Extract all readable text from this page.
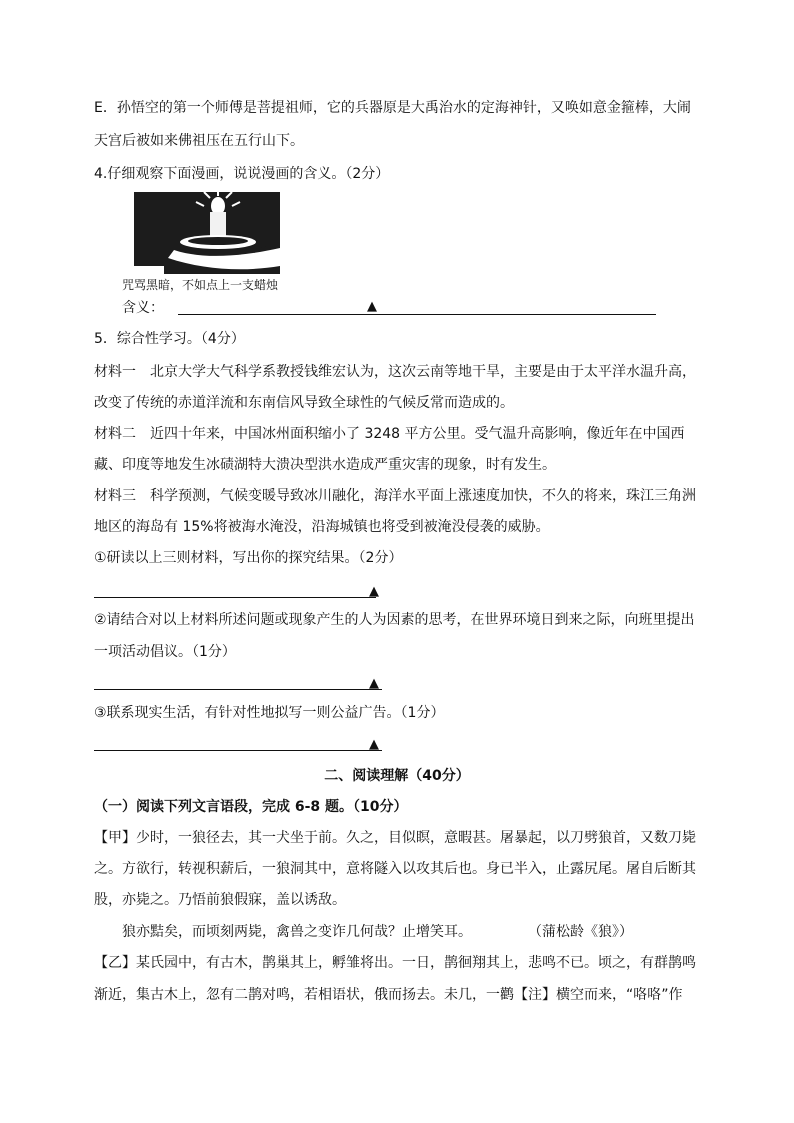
E．孙悟空的第一个师傅是菩提祖师，它的兵器原是大禹治水的定海神针，又唤如意金箍棒，大闹
天宫后被如来佛祖压在五行山下。
4.仔细观察下面漫画，说说漫画的含义。（2分）
咒骂黑暗，不如点上一支蜡烛
含义：	▲
5．综合性学习。（4分）
材料一　北京大学大气科学系教授钱维宏认为，这次云南等地干旱，主要是由于太平洋水温升高，
改变了传统的赤道洋流和东南信风导致全球性的气候反常而造成的。
材料二　近四十年来，中国冰州面积缩小了 3248 平方公里。受气温升高影响，像近年在中国西
藏、印度等地发生冰碛湖特大溃决型洪水造成严重灾害的现象，时有发生。
材料三　科学预测，气候变暖导致冰川融化，海洋水平面上涨速度加快，不久的将来，珠江三角洲
地区的海岛有 15%将被海水淹没，沿海城镇也将受到被淹没侵袭的威胁。
①研读以上三则材料，写出你的探究结果。（2分）
▲
②请结合对以上材料所述问题或现象产生的人为因素的思考，在世界环境日到来之际，向班里提出
一项活动倡议。（1分）
▲
③联系现实生活，有针对性地拟写一则公益广告。（1分）
▲
二、阅读理解（40分）
（一）阅读下列文言语段，完成 6-8 题。（10分）
【甲】少时，一狼径去，其一犬坐于前。久之，目似瞑，意暇甚。屠暴起，以刀劈狼首，又数刀毙
之。方欲行，转视积薪后，一狼洞其中，意将隧入以攻其后也。身已半入，止露尻尾。屠自后断其
股，亦毙之。乃悟前狼假寐，盖以诱敌。
狼亦黠矣，而顷刻两毙，禽兽之变诈几何哉？止增笑耳。　　　　　（蒲松龄《狼》）
【乙】某氏园中，有古木，鹊巢其上，孵雏将出。一日，鹊徊翔其上，悲鸣不已。顷之，有群鹊鸣
渐近，集古木上，忽有二鹊对鸣，若相语状，俄而扬去。未几，一鹳【注】横空而来，“咯咯”作
